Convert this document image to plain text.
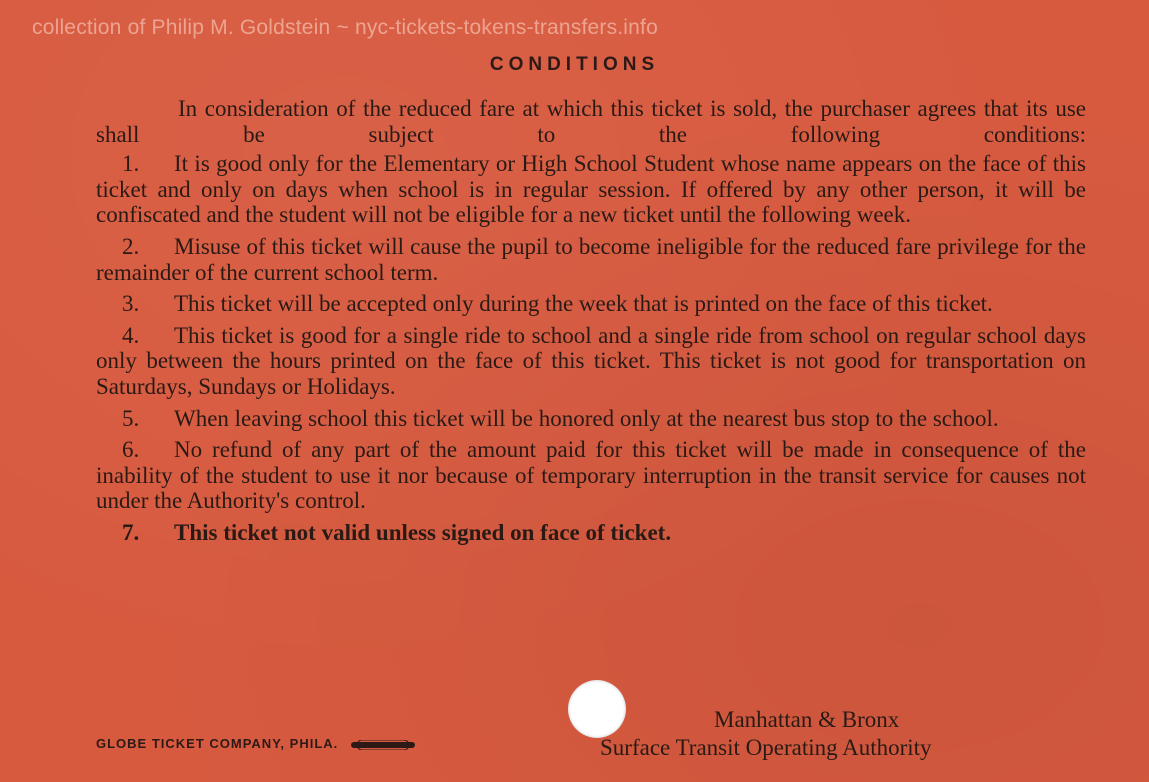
collection of Philip M. Goldstein ~ nyc-tickets-tokens-transfers.info
CONDITIONS

In consideration of the reduced fare at which this ticket is sold, the purchaser agrees that its use shall be subject to the following conditions:

1. It is good only for the Elementary or High School Student whose name appears on the face of this ticket and only on days when school is in regular session. If offered by any other person, it will be confiscated and the student will not be eligible for a new ticket until the following week.

2. Misuse of this ticket will cause the pupil to become ineligible for the reduced fare privilege for the remainder of the current school term.

3. This ticket will be accepted only during the week that is printed on the face of this ticket.

4. This ticket is good for a single ride to school and a single ride from school on regular school days only between the hours printed on the face of this ticket. This ticket is not good for transportation on Saturdays, Sundays or Holidays.

5. When leaving school this ticket will be honored only at the nearest bus stop to the school.

6. No refund of any part of the amount paid for this ticket will be made in consequence of the inability of the student to use it nor because of temporary interruption in the transit service for causes not under the Authority's control.

7. This ticket not valid unless signed on face of ticket.

Manhattan & Bronx
Surface Transit Operating Authority
GLOBE TICKET COMPANY, PHILA.
